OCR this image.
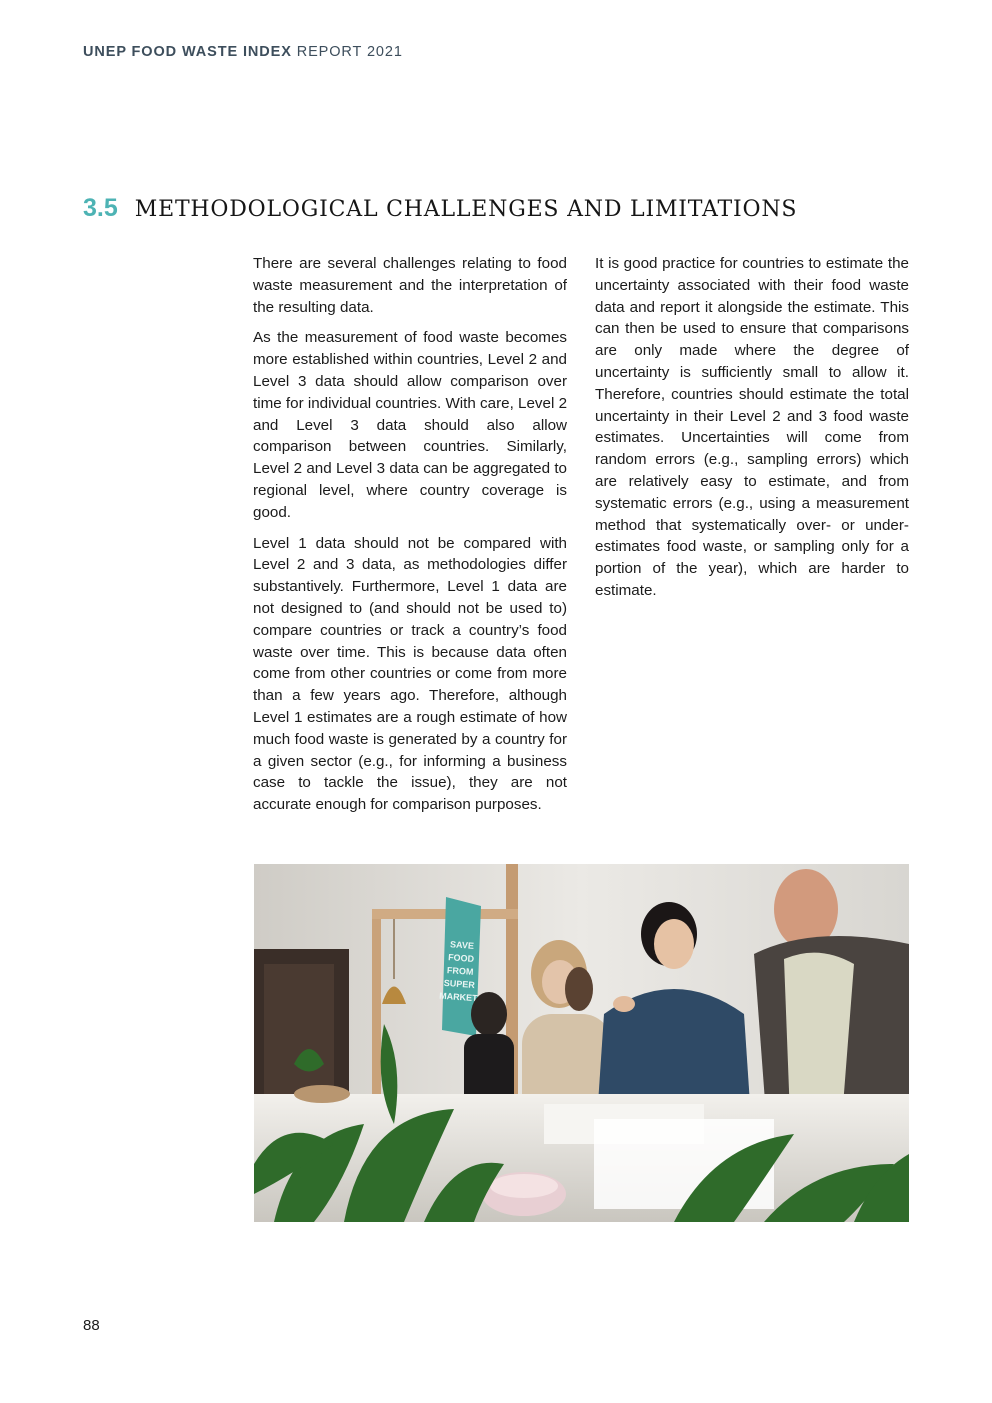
UNEP FOOD WASTE INDEX REPORT 2021
3.5 METHODOLOGICAL CHALLENGES AND LIMITATIONS

There are several challenges relating to food waste measurement and the interpretation of the resulting data.

As the measurement of food waste becomes more established within countries, Level 2 and Level 3 data should allow comparison over time for individual countries. With care, Level 2 and Level 3 data should also allow comparison between countries. Similarly, Level 2 and Level 3 data can be aggregated to regional level, where country coverage is good.

Level 1 data should not be compared with Level 2 and 3 data, as methodologies differ substantively. Furthermore, Level 1 data are not designed to (and should not be used to) compare countries or track a country’s food waste over time. This is because data often come from other countries or come from more than a few years ago. Therefore, although Level 1 estimates are a rough estimate of how much food waste is generated by a country for a given sector (e.g., for informing a business case to tackle the issue), they are not accurate enough for comparison purposes.

It is good practice for countries to estimate the uncertainty associated with their food waste data and report it alongside the estimate. This can then be used to ensure that comparisons are only made where the degree of uncertainty is sufficiently small to allow it. Therefore, countries should estimate the total uncertainty in their Level 2 and 3 food waste estimates. Uncertainties will come from random errors (e.g., sampling errors) which are relatively easy to estimate, and from systematic errors (e.g., using a measurement method that systematically over- or under-estimates food waste, or sampling only for a portion of the year), which are harder to estimate.

SAVEFOODFROMSUPERMARKET
88
